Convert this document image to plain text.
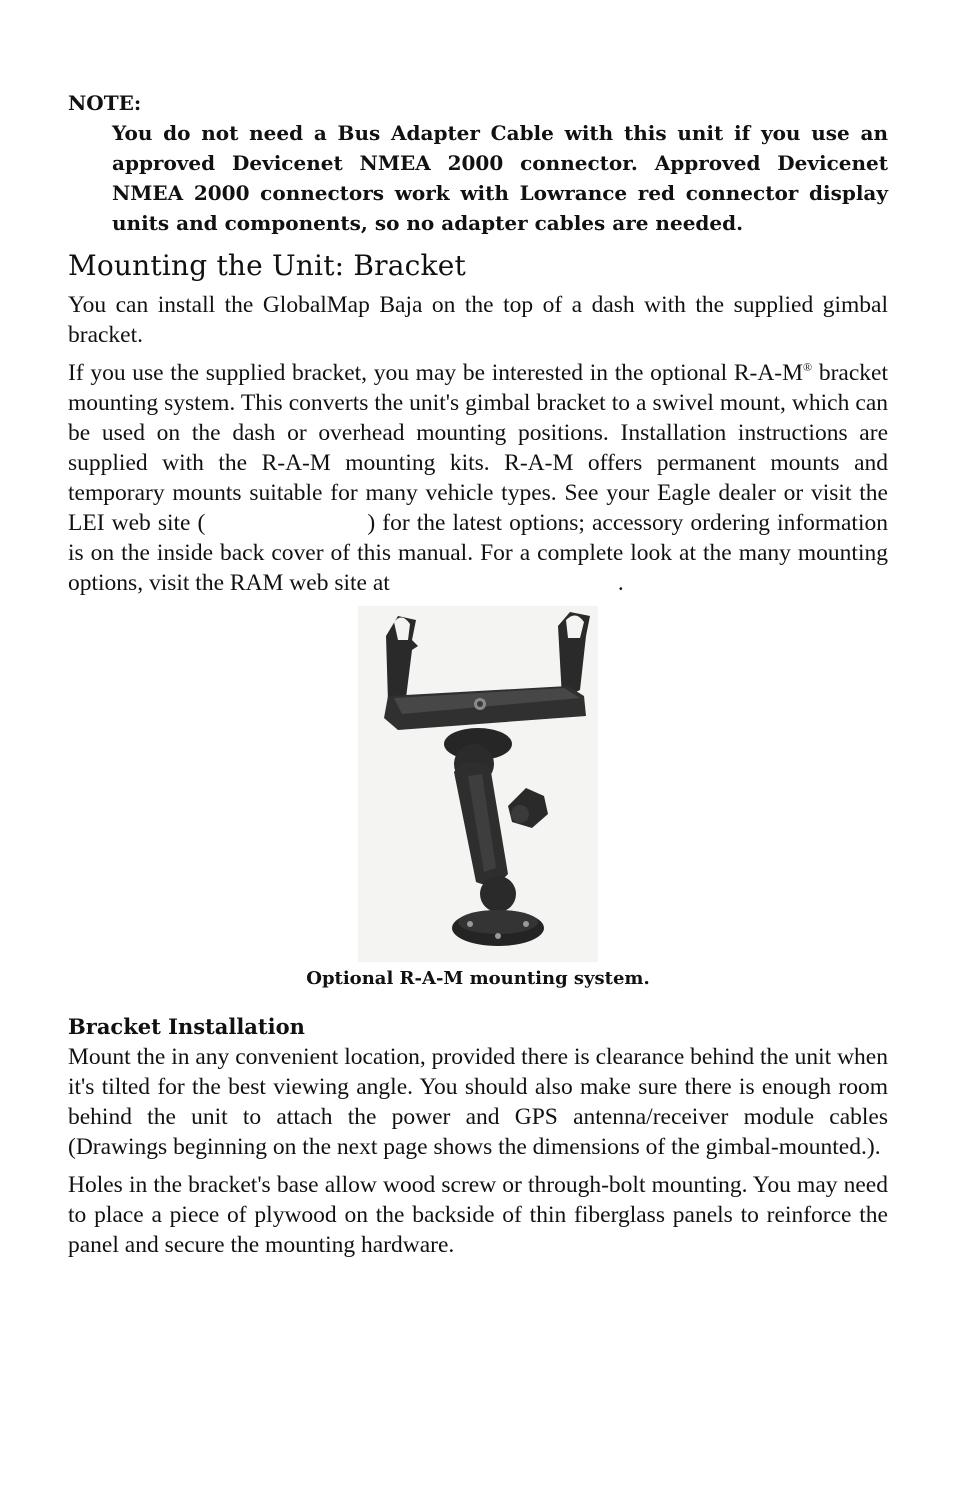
NOTE:

You do not need a Bus Adapter Cable with this unit if you use an approved Devicenet NMEA 2000 connector. Approved Devicenet NMEA 2000 connectors work with Lowrance red connector display units and components, so no adapter cables are needed.

Mounting the Unit: Bracket

You can install the GlobalMap Baja on the top of a dash with the supplied gimbal bracket.

If you use the supplied bracket, you may be interested in the optional R-A-M® bracket mounting system. This converts the unit's gimbal bracket to a swivel mount, which can be used on the dash or overhead mounting positions. Installation instructions are supplied with the R-A-M mounting kits. R-A-M offers permanent mounts and temporary mounts suitable for many vehicle types. See your Eagle dealer or visit the LEI web site (	) for the latest options; accessory ordering information is on the inside back cover of this manual. For a complete look at the many mounting options, visit the RAM web site at	.

Optional R-A-M mounting system.

Bracket Installation

Mount the in any convenient location, provided there is clearance behind the unit when it's tilted for the best viewing angle. You should also make sure there is enough room behind the unit to attach the power and GPS antenna/receiver module cables (Drawings beginning on the next page shows the dimensions of the gimbal-mounted.).

Holes in the bracket's base allow wood screw or through-bolt mounting. You may need to place a piece of plywood on the backside of thin fiberglass panels to reinforce the panel and secure the mounting hardware.
